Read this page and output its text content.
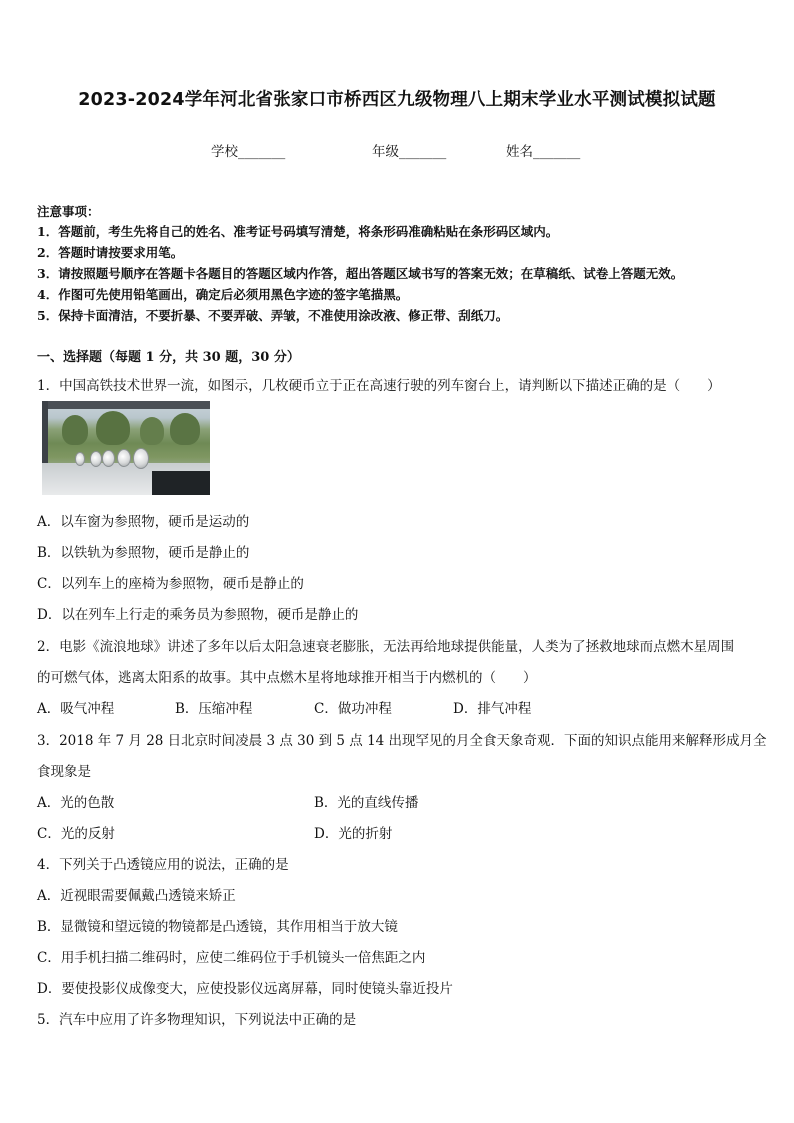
2023-2024学年河北省张家口市桥西区九级物理八上期末学业水平测试模拟试题
学校_______	年级_______	姓名_______
注意事项：
1．答题前，考生先将自己的姓名、准考证号码填写清楚，将条形码准确粘贴在条形码区域内。
2．答题时请按要求用笔。
3．请按照题号顺序在答题卡各题目的答题区域内作答，超出答题区域书写的答案无效；在草稿纸、试卷上答题无效。
4．作图可先使用铅笔画出，确定后必须用黑色字迹的签字笔描黑。
5．保持卡面清洁，不要折暴、不要弄破、弄皱，不准使用涂改液、修正带、刮纸刀。
一、选择题（每题 1 分，共 30 题，30 分）
1．中国高铁技术世界一流，如图示，几枚硬币立于正在高速行驶的列车窗台上，请判断以下描述正确的是（　　）
A．以车窗为参照物，硬币是运动的
B．以铁轨为参照物，硬币是静止的
C．以列车上的座椅为参照物，硬币是静止的
D．以在列车上行走的乘务员为参照物，硬币是静止的
2．电影《流浪地球》讲述了多年以后太阳急速衰老膨胀，无法再给地球提供能量，人类为了拯救地球而点燃木星周围
的可燃气体，逃离太阳系的故事。其中点燃木星将地球推开相当于内燃机的（　　）
A．吸气冲程	B．压缩冲程	C．做功冲程	D．排气冲程
3．2018 年 7 月 28 日北京时间凌晨 3 点 30 到 5 点 14 出现罕见的月全食天象奇观．下面的知识点能用来解释形成月全
食现象是
A．光的色散	B．光的直线传播
C．光的反射	D．光的折射
4．下列关于凸透镜应用的说法，正确的是
A．近视眼需要佩戴凸透镜来矫正
B．显微镜和望远镜的物镜都是凸透镜，其作用相当于放大镜
C．用手机扫描二维码时，应使二维码位于手机镜头一倍焦距之内
D．要使投影仪成像变大，应使投影仪远离屏幕，同时使镜头靠近投片
5．汽车中应用了许多物理知识，下列说法中正确的是
